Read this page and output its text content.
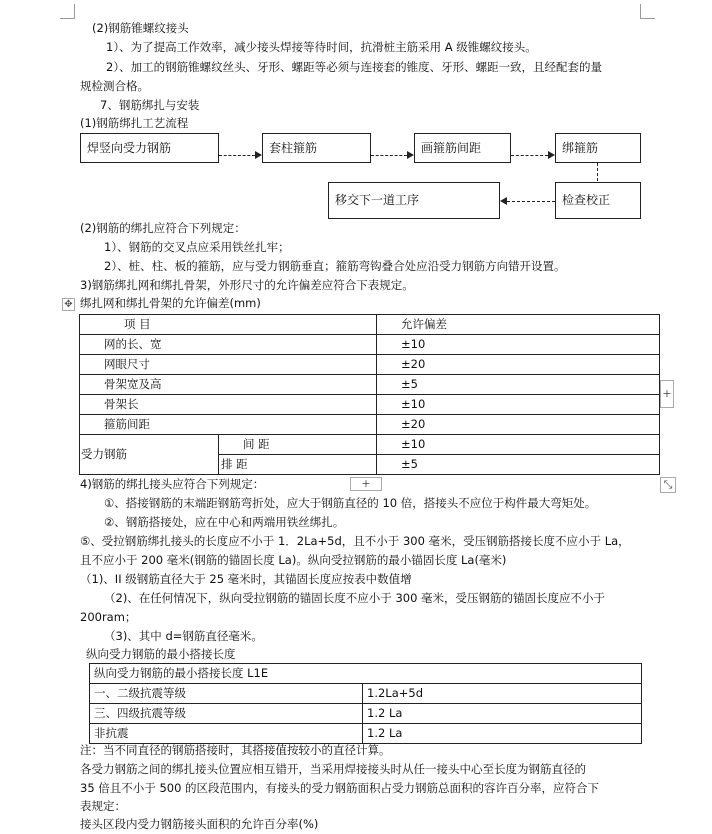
(2)钢筋锥螺纹接头
1）、为了提高工作效率，减少接头焊接等待时间，抗滑桩主筋采用 A 级锥螺纹接头。
2）、加工的钢筋锥螺纹丝头、牙形、螺距等必须与连接套的锥度、牙形、螺距一致，且经配套的量
规检测合格。
7、钢筋绑扎与安装
(1)钢筋绑扎工艺流程
焊竖向受力钢筋	套柱箍筋	画箍筋间距	绑箍筋
检查校正
移交下一道工序
(2)钢筋的绑扎应符合下列规定：
1）、钢筋的交叉点应采用铁丝扎牢；
2）、桩、柱、板的箍筋，应与受力钢筋垂直；箍筋弯钩叠合处应沿受力钢筋方向错开设置。
3)钢筋绑扎网和绑扎骨架，外形尺寸的允许偏差应符合下表规定。
✥ 绑扎网和绑扎骨架的允许偏差(mm)
项 目		允许偏差
网的长、宽		±10
网眼尺寸		±20
骨架宽及高		±5
骨架长		±10
箍筋间距		±20
受力钢筋	间 距	±10
	排 距	±5
+
+	⤡
4)钢筋的绑扎接头应符合下列规定：
①、搭接钢筋的末端距钢筋弯折处，应大于钢筋直径的 10 倍，搭接头不应位于构件最大弯矩处。
②、钢筋搭接处，应在中心和两端用铁丝绑扎。
⑤、受拉钢筋绑扎接头的长度应不小于 1．2La+5d，且不小于 300 毫米，受压钢筋搭接长度不应小于 La，
且不应小于 200 毫米(钢筋的锚固长度 La)。纵向受拉钢筋的最小锚固长度 La(毫米)
（1)、II 级钢筋直径大于 25 毫米时，其锚固长度应按表中数值增
（2)、在任何情况下，纵向受拉钢筋的锚固长度不应小于 300 毫米，受压钢筋的锚固长度应不小于
200ram；
（3)、其中 d=钢筋直径毫米。
纵向受力钢筋的最小搭接长度
纵向受力钢筋的最小搭接长度 L1E	
一、二级抗震等级	1.2La+5d
三、四级抗震等级	1.2 La
非抗震	1.2 La
注：当不同直径的钢筋搭接时，其搭接值按较小的直径计算。
各受力钢筋之间的绑扎接头位置应相互错开，当采用焊接接头时从任一接头中心至长度为钢筋直径的
35 倍且不小于 500 的区段范围内，有接头的受力钢筋面积占受力钢筋总面积的容许百分率，应符合下
表规定：
接头区段内受力钢筋接头面积的允许百分率(%)
